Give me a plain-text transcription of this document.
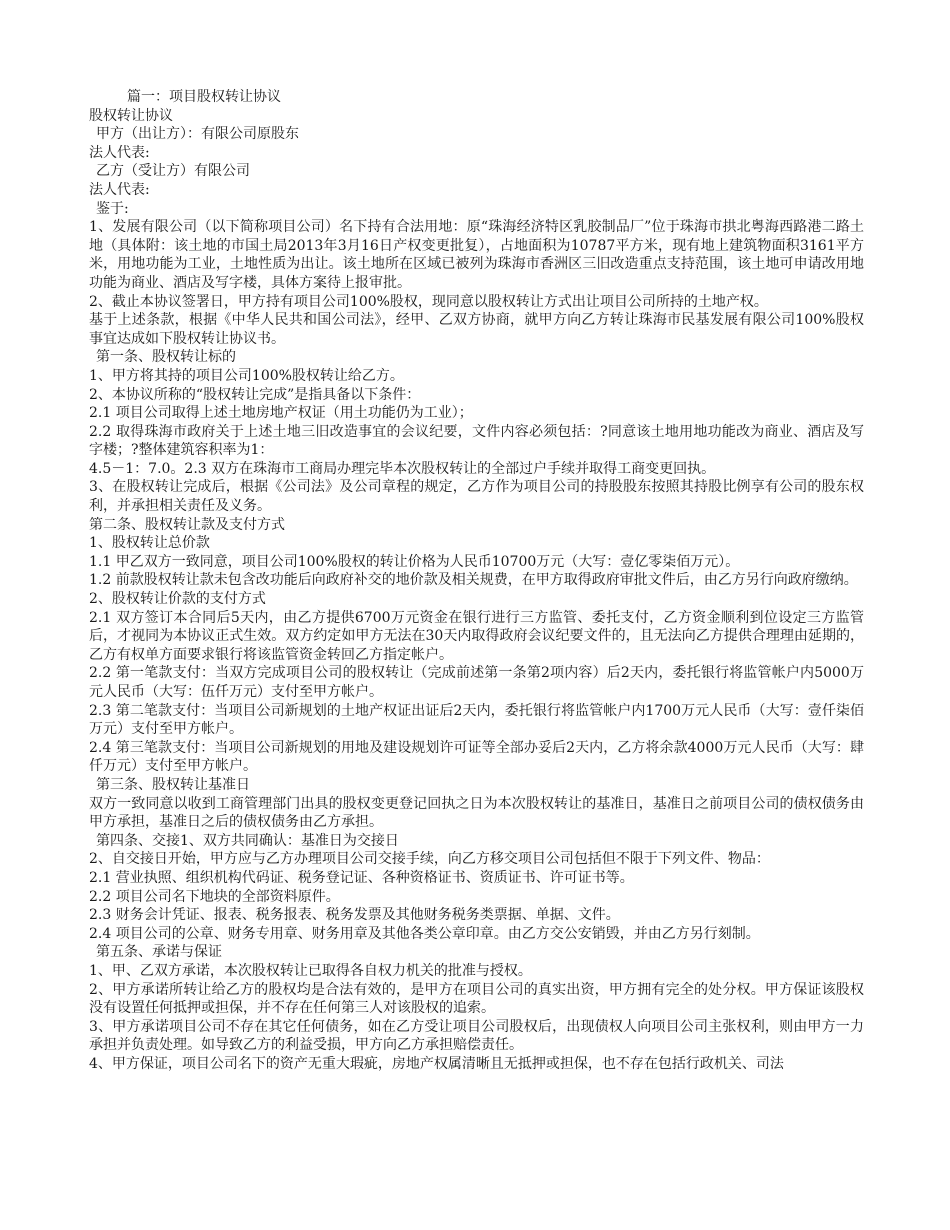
篇一：项目股权转让协议

股权转让协议

甲方（出让方）：有限公司原股东

法人代表:

乙方（受让方）有限公司

法人代表:

鉴于:

1、发展有限公司（以下简称项目公司）名下持有合法用地：原“珠海经济特区乳胶制品厂”位于珠海市拱北粤海西路港二路土地（具体附：该土地的市国土局2013年3月16日产权变更批复），占地面积为10787平方米，现有地上建筑物面积3161平方米，用地功能为工业，土地性质为出让。该土地所在区域已被列为珠海市香洲区三旧改造重点支持范围，该土地可申请改用地功能为商业、酒店及写字楼，具体方案待上报审批。

2、截止本协议签署日，甲方持有项目公司100%股权，现同意以股权转让方式出让项目公司所持的土地产权。

基于上述条款，根据《中华人民共和国公司法》，经甲、乙双方协商，就甲方向乙方转让珠海市民基发展有限公司100%股权事宜达成如下股权转让协议书。

第一条、股权转让标的

1、甲方将其持的项目公司100%股权转让给乙方。

2、本协议所称的“股权转让完成”是指具备以下条件：

2.1 项目公司取得上述土地房地产权证（用土功能仍为工业）；

2.2 取得珠海市政府关于上述土地三旧改造事宜的会议纪要，文件内容必须包括：?同意该土地用地功能改为商业、酒店及写字楼；?整体建筑容积率为1：

4.5－1：7.0。2.3 双方在珠海市工商局办理完毕本次股权转让的全部过户手续并取得工商变更回执。

3、在股权转让完成后，根据《公司法》及公司章程的规定，乙方作为项目公司的持股股东按照其持股比例享有公司的股东权利，并承担相关责任及义务。

第二条、股权转让款及支付方式

1、股权转让总价款

1.1 甲乙双方一致同意，项目公司100%股权的转让价格为人民币10700万元（大写：壹亿零柒佰万元）。

1.2 前款股权转让款未包含改功能后向政府补交的地价款及相关规费，在甲方取得政府审批文件后，由乙方另行向政府缴纳。

2、股权转让价款的支付方式

2.1 双方签订本合同后5天内，由乙方提供6700万元资金在银行进行三方监管、委托支付，乙方资金顺利到位设定三方监管后，才视同为本协议正式生效。双方约定如甲方无法在30天内取得政府会议纪要文件的，且无法向乙方提供合理理由延期的，乙方有权单方面要求银行将该监管资金转回乙方指定帐户。

2.2 第一笔款支付：当双方完成项目公司的股权转让（完成前述第一条第2项内容）后2天内，委托银行将监管帐户内5000万元人民币（大写：伍仟万元）支付至甲方帐户。

2.3 第二笔款支付：当项目公司新规划的土地产权证出证后2天内，委托银行将监管帐户内1700万元人民币（大写：壹仟柒佰万元）支付至甲方帐户。

2.4 第三笔款支付：当项目公司新规划的用地及建设规划许可证等全部办妥后2天内，乙方将余款4000万元人民币（大写：肆仟万元）支付至甲方帐户。

第三条、股权转让基准日

双方一致同意以收到工商管理部门出具的股权变更登记回执之日为本次股权转让的基准日，基准日之前项目公司的债权债务由甲方承担，基准日之后的债权债务由乙方承担。

第四条、交接1、双方共同确认：基准日为交接日

2、自交接日开始，甲方应与乙方办理项目公司交接手续，向乙方移交项目公司包括但不限于下列文件、物品：

2.1 营业执照、组织机构代码证、税务登记证、各种资格证书、资质证书、许可证书等。

2.2 项目公司名下地块的全部资料原件。

2.3 财务会计凭证、报表、税务报表、税务发票及其他财务税务类票据、单据、文件。

2.4 项目公司的公章、财务专用章、财务用章及其他各类公章印章。由乙方交公安销毁，并由乙方另行刻制。

第五条、承诺与保证

1、甲、乙双方承诺，本次股权转让已取得各自权力机关的批准与授权。

2、甲方承诺所转让给乙方的股权均是合法有效的，是甲方在项目公司的真实出资，甲方拥有完全的处分权。甲方保证该股权没有设置任何抵押或担保，并不存在任何第三人对该股权的追索。

3、甲方承诺项目公司不存在其它任何债务，如在乙方受让项目公司股权后，出现债权人向项目公司主张权利，则由甲方一力承担并负责处理。如导致乙方的利益受损，甲方向乙方承担赔偿责任。

4、甲方保证，项目公司名下的资产无重大瑕疵，房地产权属清晰且无抵押或担保，也不存在包括行政机关、司法
